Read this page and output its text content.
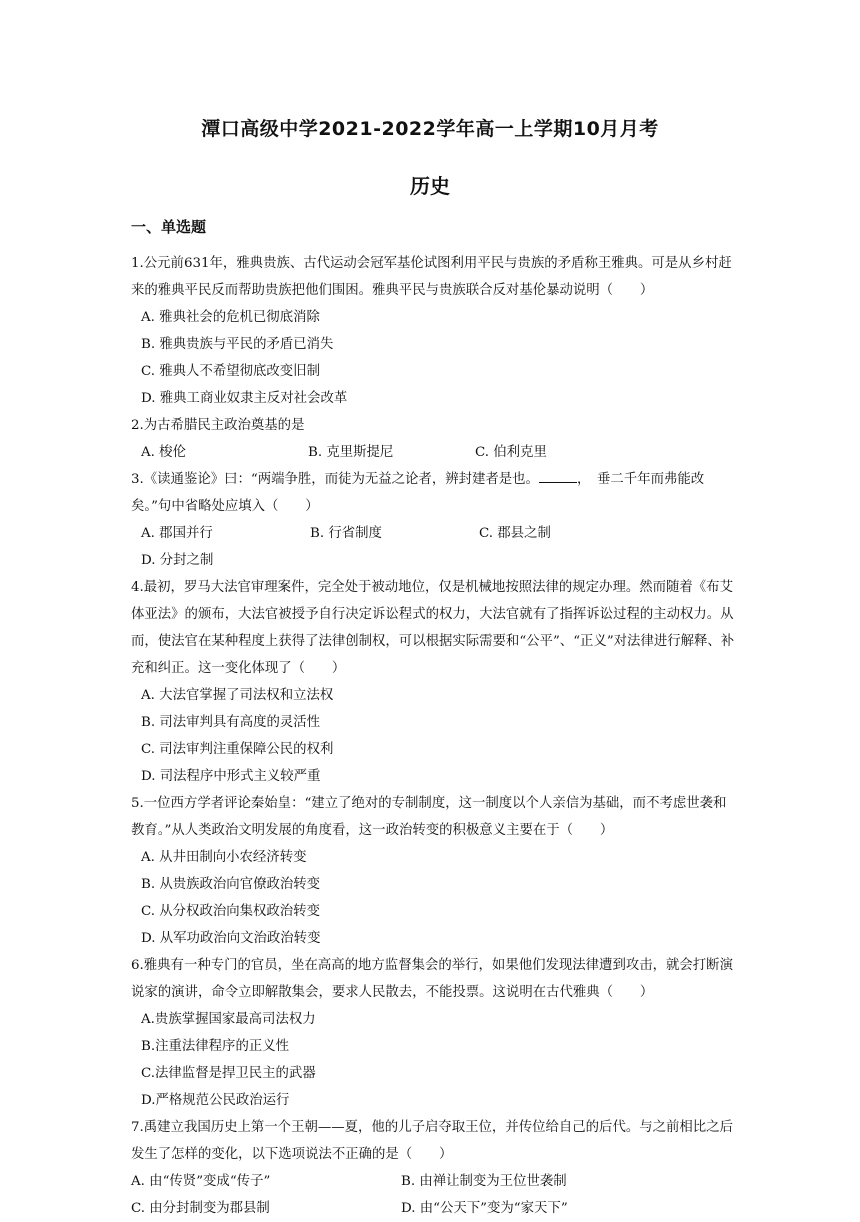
潭口高级中学2021-2022学年高一上学期10月月考
历史
一、单选题

1.公元前631年，雅典贵族、古代运动会冠军基伦试图利用平民与贵族的矛盾称王雅典。可是从乡村赶来的雅典平民反而帮助贵族把他们围困。雅典平民与贵族联合反对基伦暴动说明（　　）

A. 雅典社会的危机已彻底消除
B. 雅典贵族与平民的矛盾已消失
C. 雅典人不希望彻底改变旧制
D. 雅典工商业奴隶主反对社会改革

2.为古希腊民主政治奠基的是

A. 梭伦	B. 克里斯提尼	C. 伯利克里

3.《读通鉴论》曰：“两端争胜，而徒为无益之论者，辨封建者是也。	，　垂二千年而弗能改矣。”句中省略处应填入（　　）

A. 郡国并行	B. 行省制度	C. 郡县之制
D. 分封之制

4.最初，罗马大法官审理案件，完全处于被动地位，仅是机械地按照法律的规定办理。然而随着《布艾体亚法》的颁布，大法官被授予自行决定诉讼程式的权力，大法官就有了指挥诉讼过程的主动权力。从而，使法官在某种程度上获得了法律创制权，可以根据实际需要和“公平”、“正义”对法律进行解释、补充和纠正。这一变化体现了（　　）

A. 大法官掌握了司法权和立法权
B. 司法审判具有高度的灵活性
C. 司法审判注重保障公民的权利
D. 司法程序中形式主义较严重

5.一位西方学者评论秦始皇：“建立了绝对的专制制度，这一制度以个人亲信为基础，而不考虑世袭和教育。”从人类政治文明发展的角度看，这一政治转变的积极意义主要在于（　　）

A. 从井田制向小农经济转变
B. 从贵族政治向官僚政治转变
C. 从分权政治向集权政治转变
D. 从军功政治向文治政治转变

6.雅典有一种专门的官员，坐在高高的地方监督集会的举行，如果他们发现法律遭到攻击，就会打断演说家的演讲，命令立即解散集会，要求人民散去，不能投票。这说明在古代雅典（　　）

A.贵族掌握国家最高司法权力
B.注重法律程序的正义性
C.法律监督是捍卫民主的武器
D.严格规范公民政治运行

7.禹建立我国历史上第一个王朝——夏，他的儿子启夺取王位，并传位给自己的后代。与之前相比之后发生了怎样的变化，以下选项说法不正确的是（　　）

A. 由“传贤”变成“传子”	B. 由禅让制变为王位世袭制
C. 由分封制变为郡县制	D. 由“公天下”变为“家天下”
